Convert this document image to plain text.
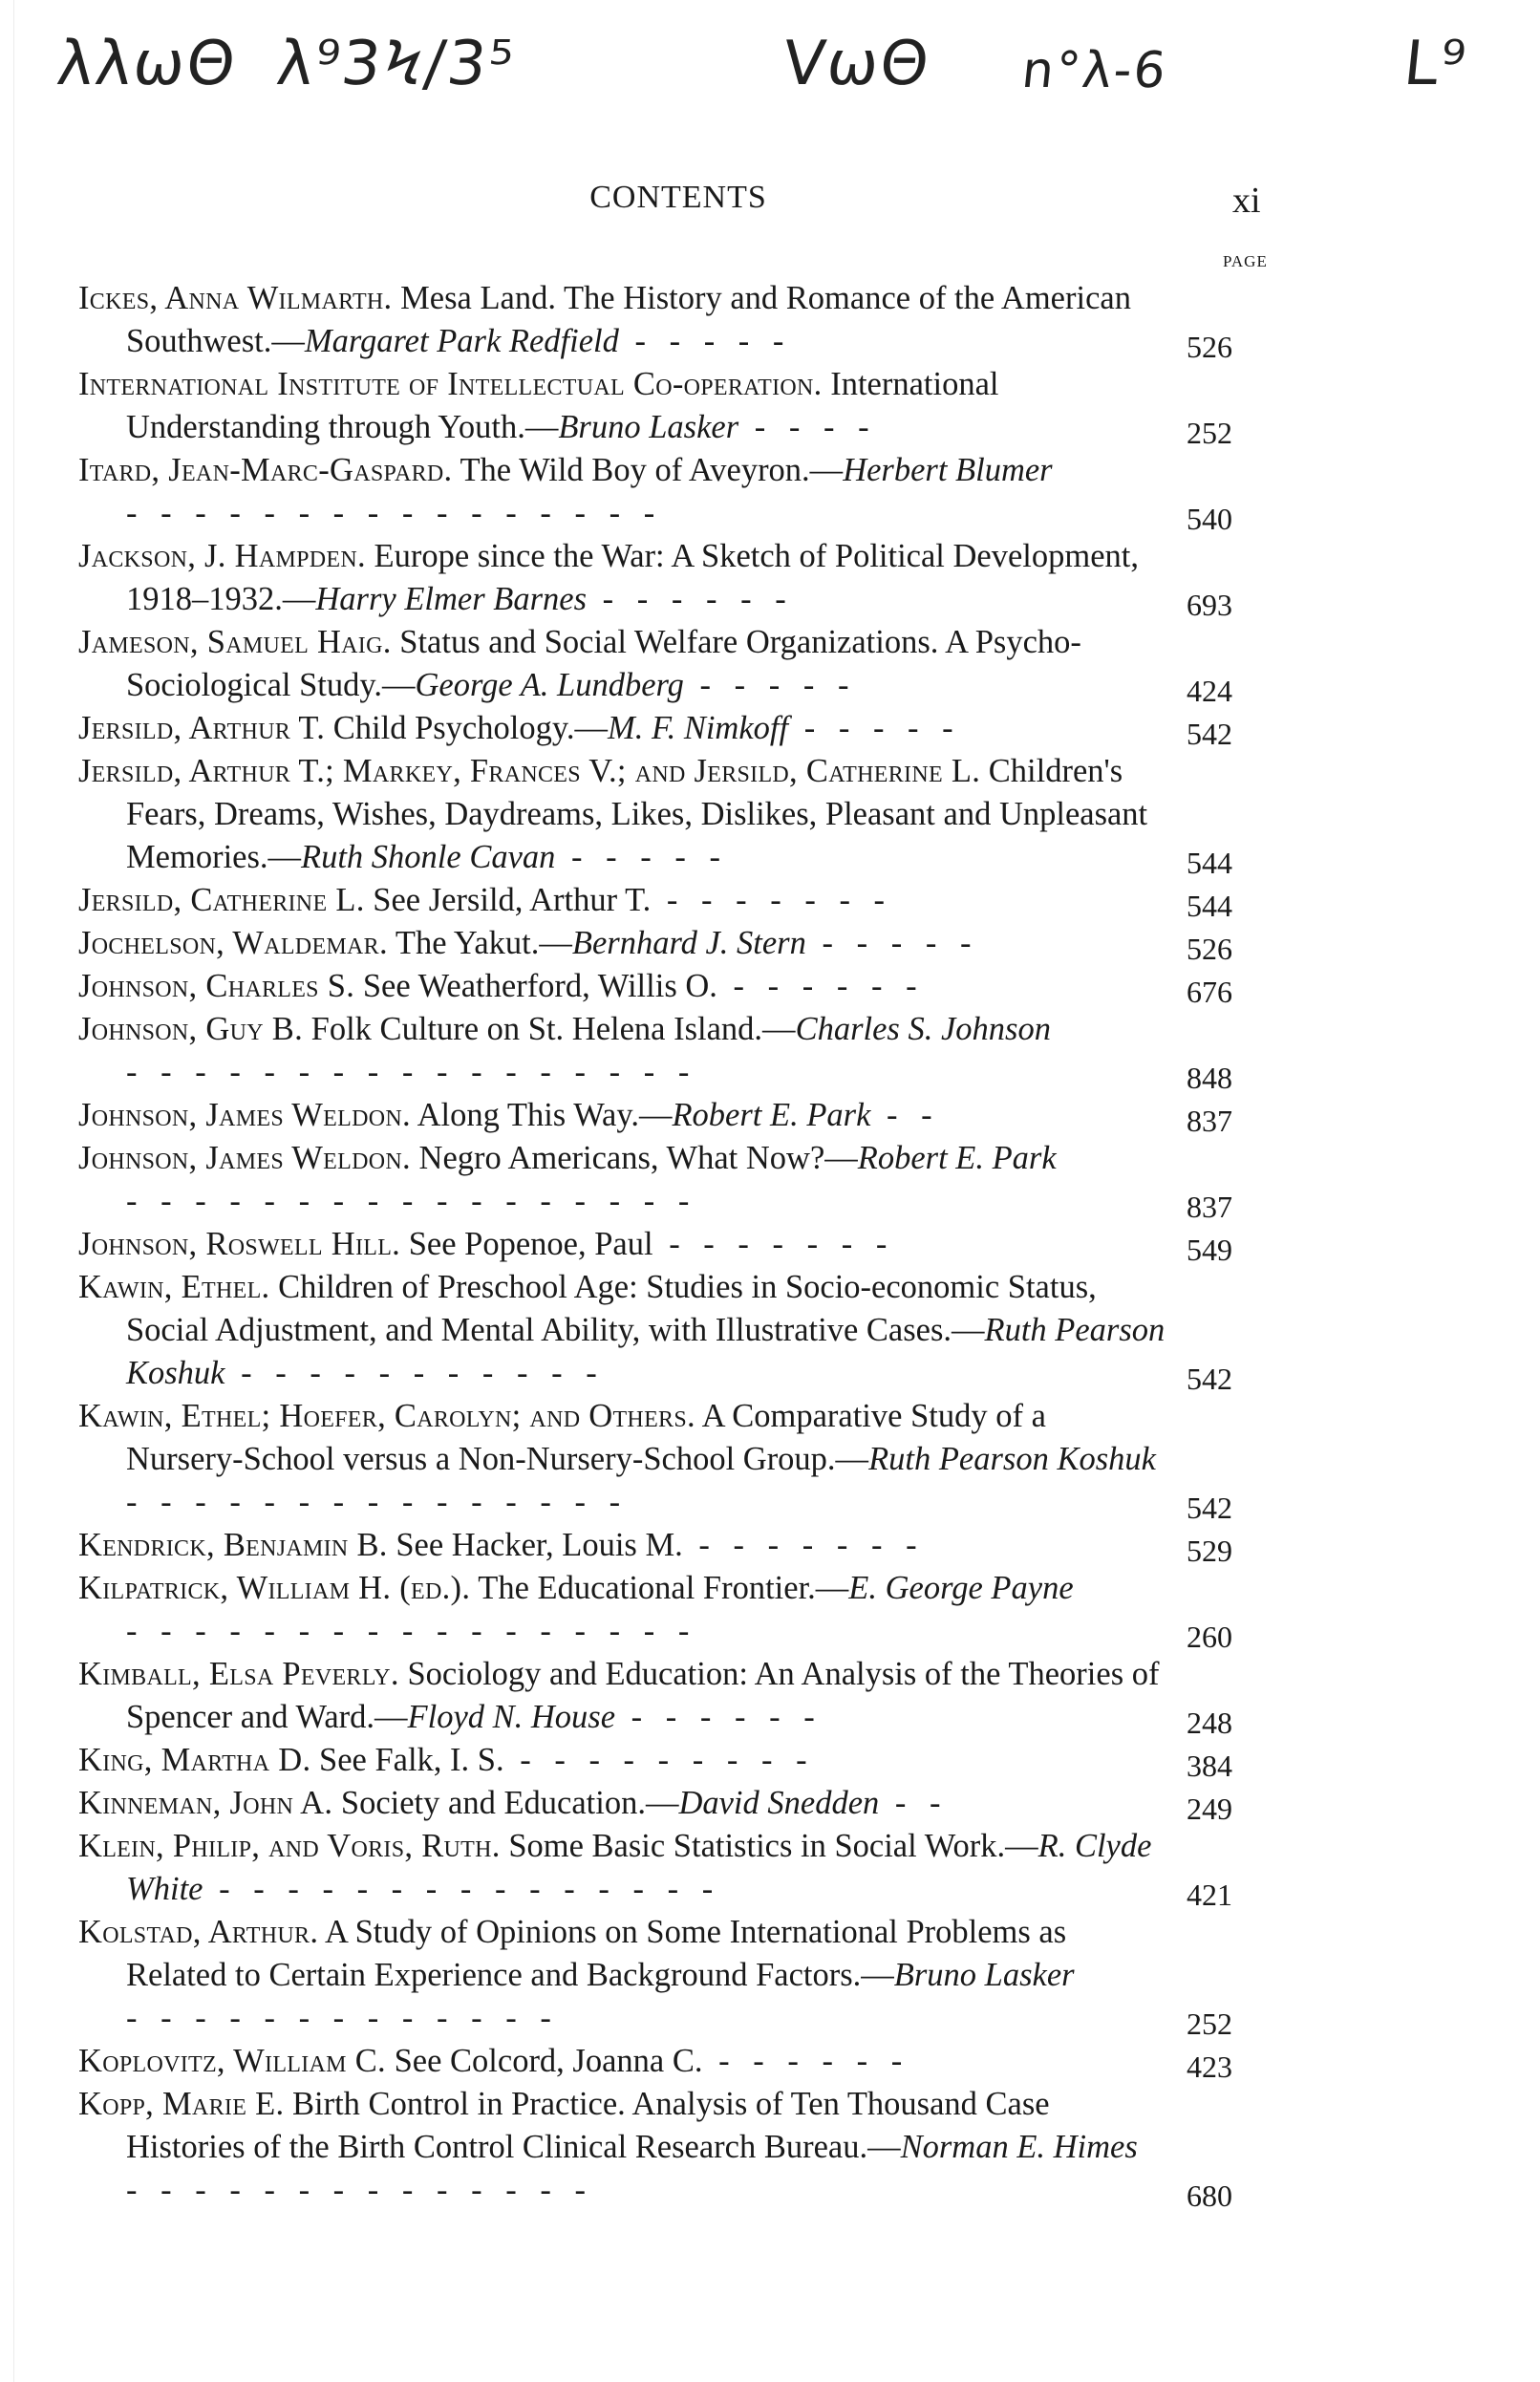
λλωΘ λ⁹3Ϟ/3⁵	VωΘ n°λ-6	L⁹
CONTENTS	xi
PAGE

Ickes, Anna Wilmarth. Mesa Land. The History and Romance of the American Southwest.—Margaret Park Redfield - - - - -	526

International Institute of Intellectual Co-operation. International Understanding through Youth.—Bruno Lasker - - - -	252

Itard, Jean-Marc-Gaspard. The Wild Boy of Aveyron.—Herbert Blumer - - - - - - - - - - - - - - - -	540

Jackson, J. Hampden. Europe since the War: A Sketch of Political Development, 1918–1932.—Harry Elmer Barnes - - - - - -	693

Jameson, Samuel Haig. Status and Social Welfare Organizations. A Psycho-Sociological Study.—George A. Lundberg - - - - -	424

Jersild, Arthur T. Child Psychology.—M. F. Nimkoff - - - - -	542

Jersild, Arthur T.; Markey, Frances V.; and Jersild, Catherine L. Children's Fears, Dreams, Wishes, Daydreams, Likes, Dislikes, Pleasant and Unpleasant Memories.—Ruth Shonle Cavan - - - - -	544

Jersild, Catherine L. See Jersild, Arthur T. - - - - - - -	544

Jochelson, Waldemar. The Yakut.—Bernhard J. Stern - - - - -	526

Johnson, Charles S. See Weatherford, Willis O. - - - - - -	676

Johnson, Guy B. Folk Culture on St. Helena Island.—Charles S. Johnson - - - - - - - - - - - - - - - - -	848

Johnson, James Weldon. Along This Way.—Robert E. Park - -	837

Johnson, James Weldon. Negro Americans, What Now?—Robert E. Park - - - - - - - - - - - - - - - - -	837

Johnson, Roswell Hill. See Popenoe, Paul - - - - - - -	549

Kawin, Ethel. Children of Preschool Age: Studies in Socio-economic Status, Social Adjustment, and Mental Ability, with Illustrative Cases.—Ruth Pearson Koshuk - - - - - - - - - - -	542

Kawin, Ethel; Hoefer, Carolyn; and Others. A Comparative Study of a Nursery-School versus a Non-Nursery-School Group.—Ruth Pearson Koshuk - - - - - - - - - - - - - - -	542

Kendrick, Benjamin B. See Hacker, Louis M. - - - - - - -	529

Kilpatrick, William H. (ed.). The Educational Frontier.—E. George Payne - - - - - - - - - - - - - - - - -	260

Kimball, Elsa Peverly. Sociology and Education: An Analysis of the Theories of Spencer and Ward.—Floyd N. House - - - - - -	248

King, Martha D. See Falk, I. S. - - - - - - - - -	384

Kinneman, John A. Society and Education.—David Snedden - -	249

Klein, Philip, and Voris, Ruth. Some Basic Statistics in Social Work.—R. Clyde White - - - - - - - - - - - - - - -	421

Kolstad, Arthur. A Study of Opinions on Some International Problems as Related to Certain Experience and Background Factors.—Bruno Lasker - - - - - - - - - - - - -	252

Koplovitz, William C. See Colcord, Joanna C. - - - - - -	423

Kopp, Marie E. Birth Control in Practice. Analysis of Ten Thousand Case Histories of the Birth Control Clinical Research Bureau.—Norman E. Himes - - - - - - - - - - - - - -	680
